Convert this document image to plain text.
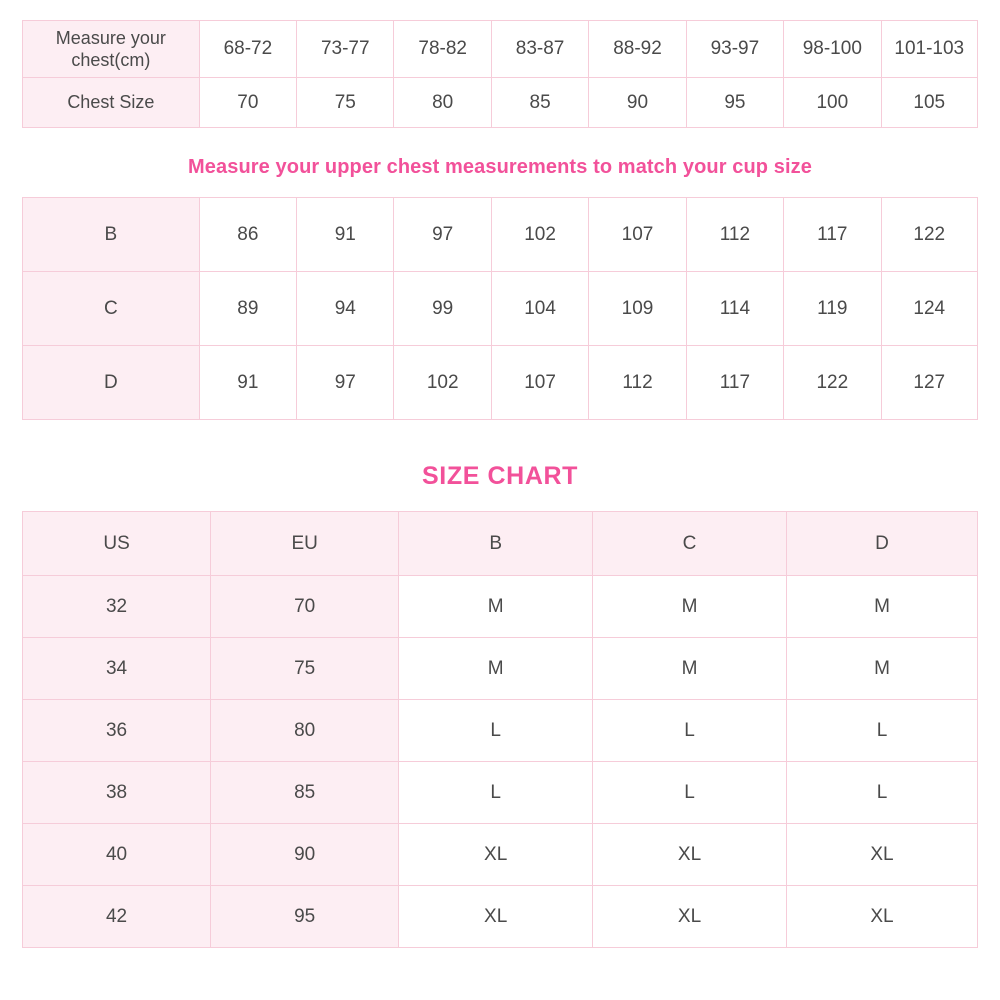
Measure your chest(cm)	68-72	73-77	78-82	83-87	88-92	93-97	98-100	101-103
Chest Size	70	75	80	85	90	95	100	105
Measure your upper chest measurements to match your cup size
B	86	91	97	102	107	112	117	122
C	89	94	99	104	109	114	119	124
D	91	97	102	107	112	117	122	127
SIZE CHART
US	EU	B	C	D
32	70	M	M	M
34	75	M	M	M
36	80	L	L	L
38	85	L	L	L
40	90	XL	XL	XL
42	95	XL	XL	XL
